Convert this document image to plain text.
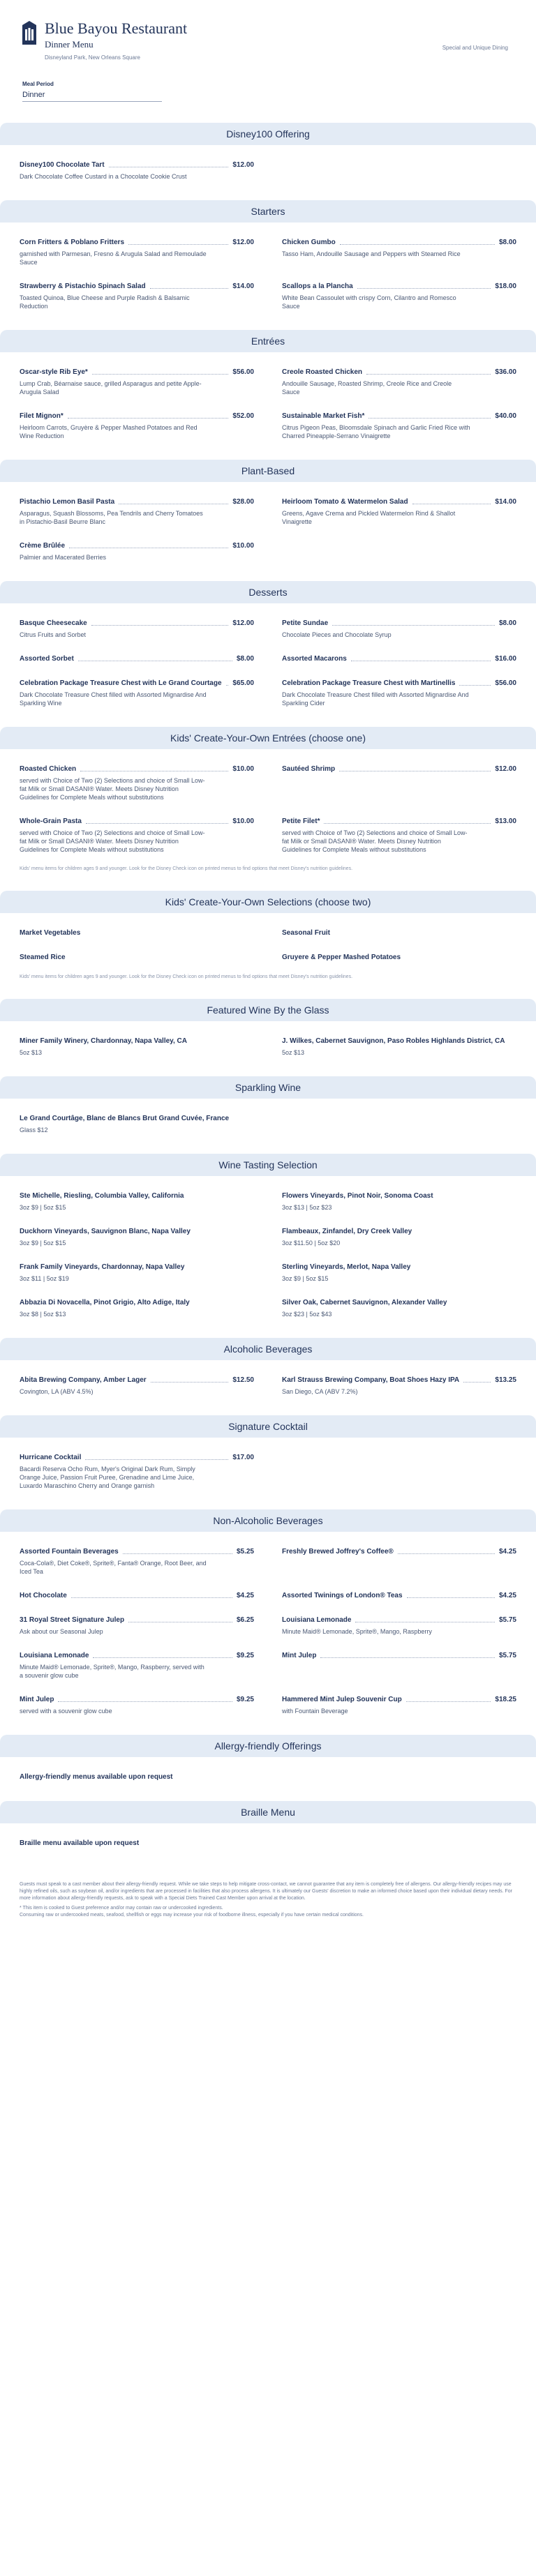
Blue Bayou Restaurant
Dinner Menu
Disneyland Park, New Orleans Square
Special and Unique Dining
Meal Period
Dinner
Disney100 Offering
Disney100 Chocolate Tart	$12.00
Dark Chocolate Coffee Custard in a Chocolate Cookie Crust
Starters
Corn Fritters & Poblano Fritters	$12.00
garnished with Parmesan, Fresno & Arugula Salad and Remoulade Sauce
Chicken Gumbo	$8.00
Tasso Ham, Andouille Sausage and Peppers with Steamed Rice
Strawberry & Pistachio Spinach Salad	$14.00
Toasted Quinoa, Blue Cheese and Purple Radish & Balsamic Reduction
Scallops a la Plancha	$18.00
White Bean Cassoulet with crispy Corn, Cilantro and Romesco Sauce
Entrées
Oscar-style Rib Eye*	$56.00
Lump Crab, Béarnaise sauce, grilled Asparagus and petite Apple-Arugula Salad
Creole Roasted Chicken	$36.00
Andouille Sausage, Roasted Shrimp, Creole Rice and Creole Sauce
Filet Mignon*	$52.00
Heirloom Carrots, Gruyère & Pepper Mashed Potatoes and Red Wine Reduction
Sustainable Market Fish*	$40.00
Citrus Pigeon Peas, Bloomsdale Spinach and Garlic Fried Rice with Charred Pineapple-Serrano Vinaigrette
Plant-Based
Pistachio Lemon Basil Pasta	$28.00
Asparagus, Squash Blossoms, Pea Tendrils and Cherry Tomatoes in Pistachio-Basil Beurre Blanc
Heirloom Tomato & Watermelon Salad	$14.00
Greens, Agave Crema and Pickled Watermelon Rind & Shallot Vinaigrette
Crème Brûlée	$10.00
Palmier and Macerated Berries
Desserts
Basque Cheesecake	$12.00
Citrus Fruits and Sorbet
Petite Sundae	$8.00
Chocolate Pieces and Chocolate Syrup
Assorted Sorbet	$8.00	Assorted Macarons	$16.00
Celebration Package Treasure Chest with Le Grand Courtage $65.00
Dark Chocolate Treasure Chest filled with Assorted Mignardise And Sparkling Wine
Celebration Package Treasure Chest with Martinellis	$56.00
Dark Chocolate Treasure Chest filled with Assorted Mignardise And Sparkling Cider
Kids' Create-Your-Own Entrées (choose one)
Roasted Chicken	$10.00
served with Choice of Two (2) Selections and choice of Small Low-fat Milk or Small DASANI® Water. Meets Disney Nutrition Guidelines for Complete Meals without substitutions
Sautéed Shrimp	$12.00
Whole-Grain Pasta	$10.00
served with Choice of Two (2) Selections and choice of Small Low-fat Milk or Small DASANI® Water. Meets Disney Nutrition Guidelines for Complete Meals without substitutions
Petite Filet*	$13.00
served with Choice of Two (2) Selections and choice of Small Low-fat Milk or Small DASANI® Water. Meets Disney Nutrition Guidelines for Complete Meals without substitutions
Kids' menu items for children ages 9 and younger. Look for the Disney Check icon on printed menus to find options that meet Disney's nutrition guidelines.
Kids' Create-Your-Own Selections (choose two)
Market Vegetables	Seasonal Fruit
Steamed Rice	Gruyere & Pepper Mashed Potatoes
Kids' menu items for children ages 9 and younger. Look for the Disney Check icon on printed menus to find options that meet Disney's nutrition guidelines.
Featured Wine By the Glass
Miner Family Winery, Chardonnay, Napa Valley, CA
5oz $13
J. Wilkes, Cabernet Sauvignon, Paso Robles Highlands District, CA
5oz $13
Sparkling Wine
Le Grand Courtâge, Blanc de Blancs Brut Grand Cuvée, France
Glass $12
Wine Tasting Selection
Ste Michelle, Riesling, Columbia Valley, California
3oz $9 | 5oz $15
Flowers Vineyards, Pinot Noir, Sonoma Coast
3oz $13 | 5oz $23
Duckhorn Vineyards, Sauvignon Blanc, Napa Valley
3oz $9 | 5oz $15
Flambeaux, Zinfandel, Dry Creek Valley
3oz $11.50 | 5oz $20
Frank Family Vineyards, Chardonnay, Napa Valley
3oz $11 | 5oz $19
Sterling Vineyards, Merlot, Napa Valley
3oz $9 | 5oz $15
Abbazia Di Novacella, Pinot Grigio, Alto Adige, Italy
3oz $8 | 5oz $13
Silver Oak, Cabernet Sauvignon, Alexander Valley
3oz $23 | 5oz $43
Alcoholic Beverages
Abita Brewing Company, Amber Lager	$12.50
Covington, LA (ABV 4.5%)
Karl Strauss Brewing Company, Boat Shoes Hazy IPA	$13.25
San Diego, CA (ABV 7.2%)
Signature Cocktail
Hurricane Cocktail	$17.00
Bacardi Reserva Ocho Rum, Myer's Original Dark Rum, Simply Orange Juice, Passion Fruit Puree, Grenadine and Lime Juice, Luxardo Maraschino Cherry and Orange garnish
Non-Alcoholic Beverages
Assorted Fountain Beverages	$5.25
Coca-Cola®, Diet Coke®, Sprite®, Fanta® Orange, Root Beer, and Iced Tea
Freshly Brewed Joffrey's Coffee®	$4.25
Hot Chocolate	$4.25	Assorted Twinings of London® Teas	$4.25
31 Royal Street Signature Julep	$6.25
Ask about our Seasonal Julep
Louisiana Lemonade	$5.75
Minute Maid® Lemonade, Sprite®, Mango, Raspberry
Louisiana Lemonade	$9.25
Minute Maid® Lemonade, Sprite®, Mango, Raspberry, served with a souvenir glow cube
Mint Julep	$5.75
Mint Julep	$9.25
served with a souvenir glow cube
Hammered Mint Julep Souvenir Cup	$18.25
with Fountain Beverage
Allergy-friendly Offerings
Allergy-friendly menus available upon request
Braille Menu
Braille menu available upon request

Guests must speak to a cast member about their allergy-friendly request. While we take steps to help mitigate cross-contact, we cannot guarantee that any item is completely free of allergens. Our allergy-friendly recipes may use highly refined oils, such as soybean oil, and/or ingredients that are processed in facilities that also process allergens. It is ultimately our Guests' discretion to make an informed choice based upon their individual dietary needs. For more information about allergy-friendly requests, ask to speak with a Special Diets Trained Cast Member upon arrival at the location.

* This item is cooked to Guest preference and/or may contain raw or undercooked ingredients.

Consuming raw or undercooked meats, seafood, shellfish or eggs may increase your risk of foodborne illness, especially if you have certain medical conditions.
